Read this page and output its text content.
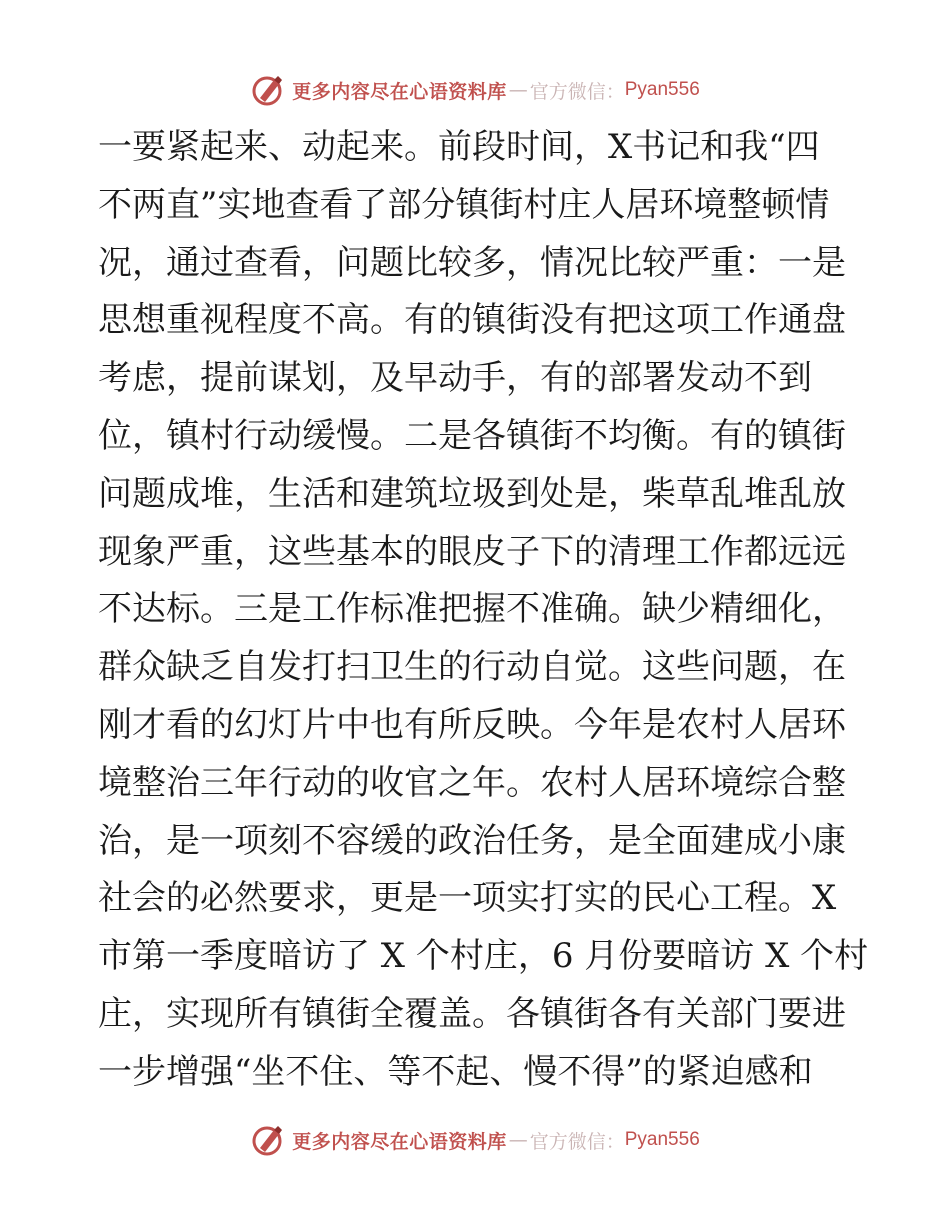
更多内容尽在心语资料库 — 官方微信： Pyan556
一要紧起来、动起来。前段时间，X书记和我“四
不两直”实地查看了部分镇街村庄人居环境整顿情
况，通过查看，问题比较多，情况比较严重：一是
思想重视程度不高。有的镇街没有把这项工作通盘
考虑，提前谋划，及早动手，有的部署发动不到
位，镇村行动缓慢。二是各镇街不均衡。有的镇街
问题成堆，生活和建筑垃圾到处是，柴草乱堆乱放
现象严重，这些基本的眼皮子下的清理工作都远远
不达标。三是工作标准把握不准确。缺少精细化，
群众缺乏自发打扫卫生的行动自觉。这些问题，在
刚才看的幻灯片中也有所反映。今年是农村人居环
境整治三年行动的收官之年。农村人居环境综合整
治，是一项刻不容缓的政治任务，是全面建成小康
社会的必然要求，更是一项实打实的民心工程。X
市第一季度暗访了 X 个村庄，6 月份要暗访 X 个村
庄，实现所有镇街全覆盖。各镇街各有关部门要进
一步增强“坐不住、等不起、慢不得”的紧迫感和
更多内容尽在心语资料库 — 官方微信： Pyan556
